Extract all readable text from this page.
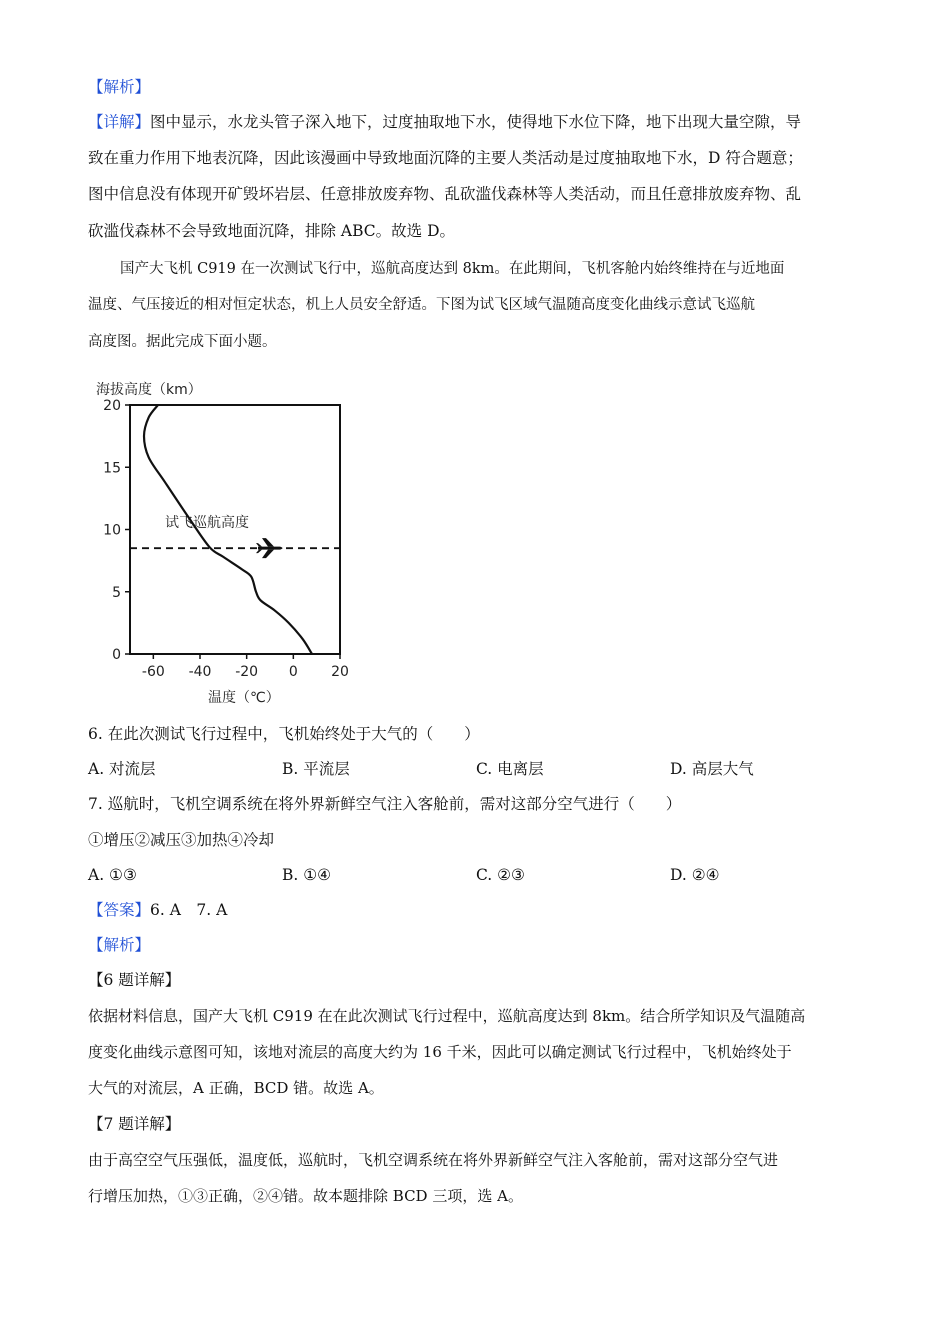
【解析】
【详解】图中显示，水龙头管子深入地下，过度抽取地下水，使得地下水位下降，地下出现大量空隙，导
致在重力作用下地表沉降，因此该漫画中导致地面沉降的主要人类活动是过度抽取地下水，D 符合题意；
图中信息没有体现开矿毁坏岩层、任意排放废弃物、乱砍滥伐森林等人类活动，而且任意排放废弃物、乱
砍滥伐森林不会导致地面沉降，排除 ABC。故选 D。
国产大飞机 C919 在一次测试飞行中，巡航高度达到 8km。在此期间，飞机客舱内始终维持在与近地面
温度、气压接近的相对恒定状态，机上人员安全舒适。下图为试飞区域气温随高度变化曲线示意试飞巡航
高度图。据此完成下面小题。
海拔高度（km）
0
5
10
15
20
-60 -40 -20 0 20
试飞巡航高度
温度（℃）
6. 在此次测试飞行过程中，飞机始终处于大气的（　　）
A. 对流层	B. 平流层	C. 电离层	D. 高层大气
7. 巡航时，飞机空调系统在将外界新鲜空气注入客舱前，需对这部分空气进行（　　）
①增压②减压③加热④冷却
A. ①③	B. ①④	C. ②③	D. ②④
【答案】6. A　7. A
【解析】
【6 题详解】
依据材料信息，国产大飞机 C919 在在此次测试飞行过程中，巡航高度达到 8km。结合所学知识及气温随高
度变化曲线示意图可知，该地对流层的高度大约为 16 千米，因此可以确定测试飞行过程中，飞机始终处于
大气的对流层，A 正确，BCD 错。故选 A。
【7 题详解】
由于高空空气压强低，温度低，巡航时，飞机空调系统在将外界新鲜空气注入客舱前，需对这部分空气进
行增压加热，①③正确，②④错。故本题排除 BCD 三项，选 A。
